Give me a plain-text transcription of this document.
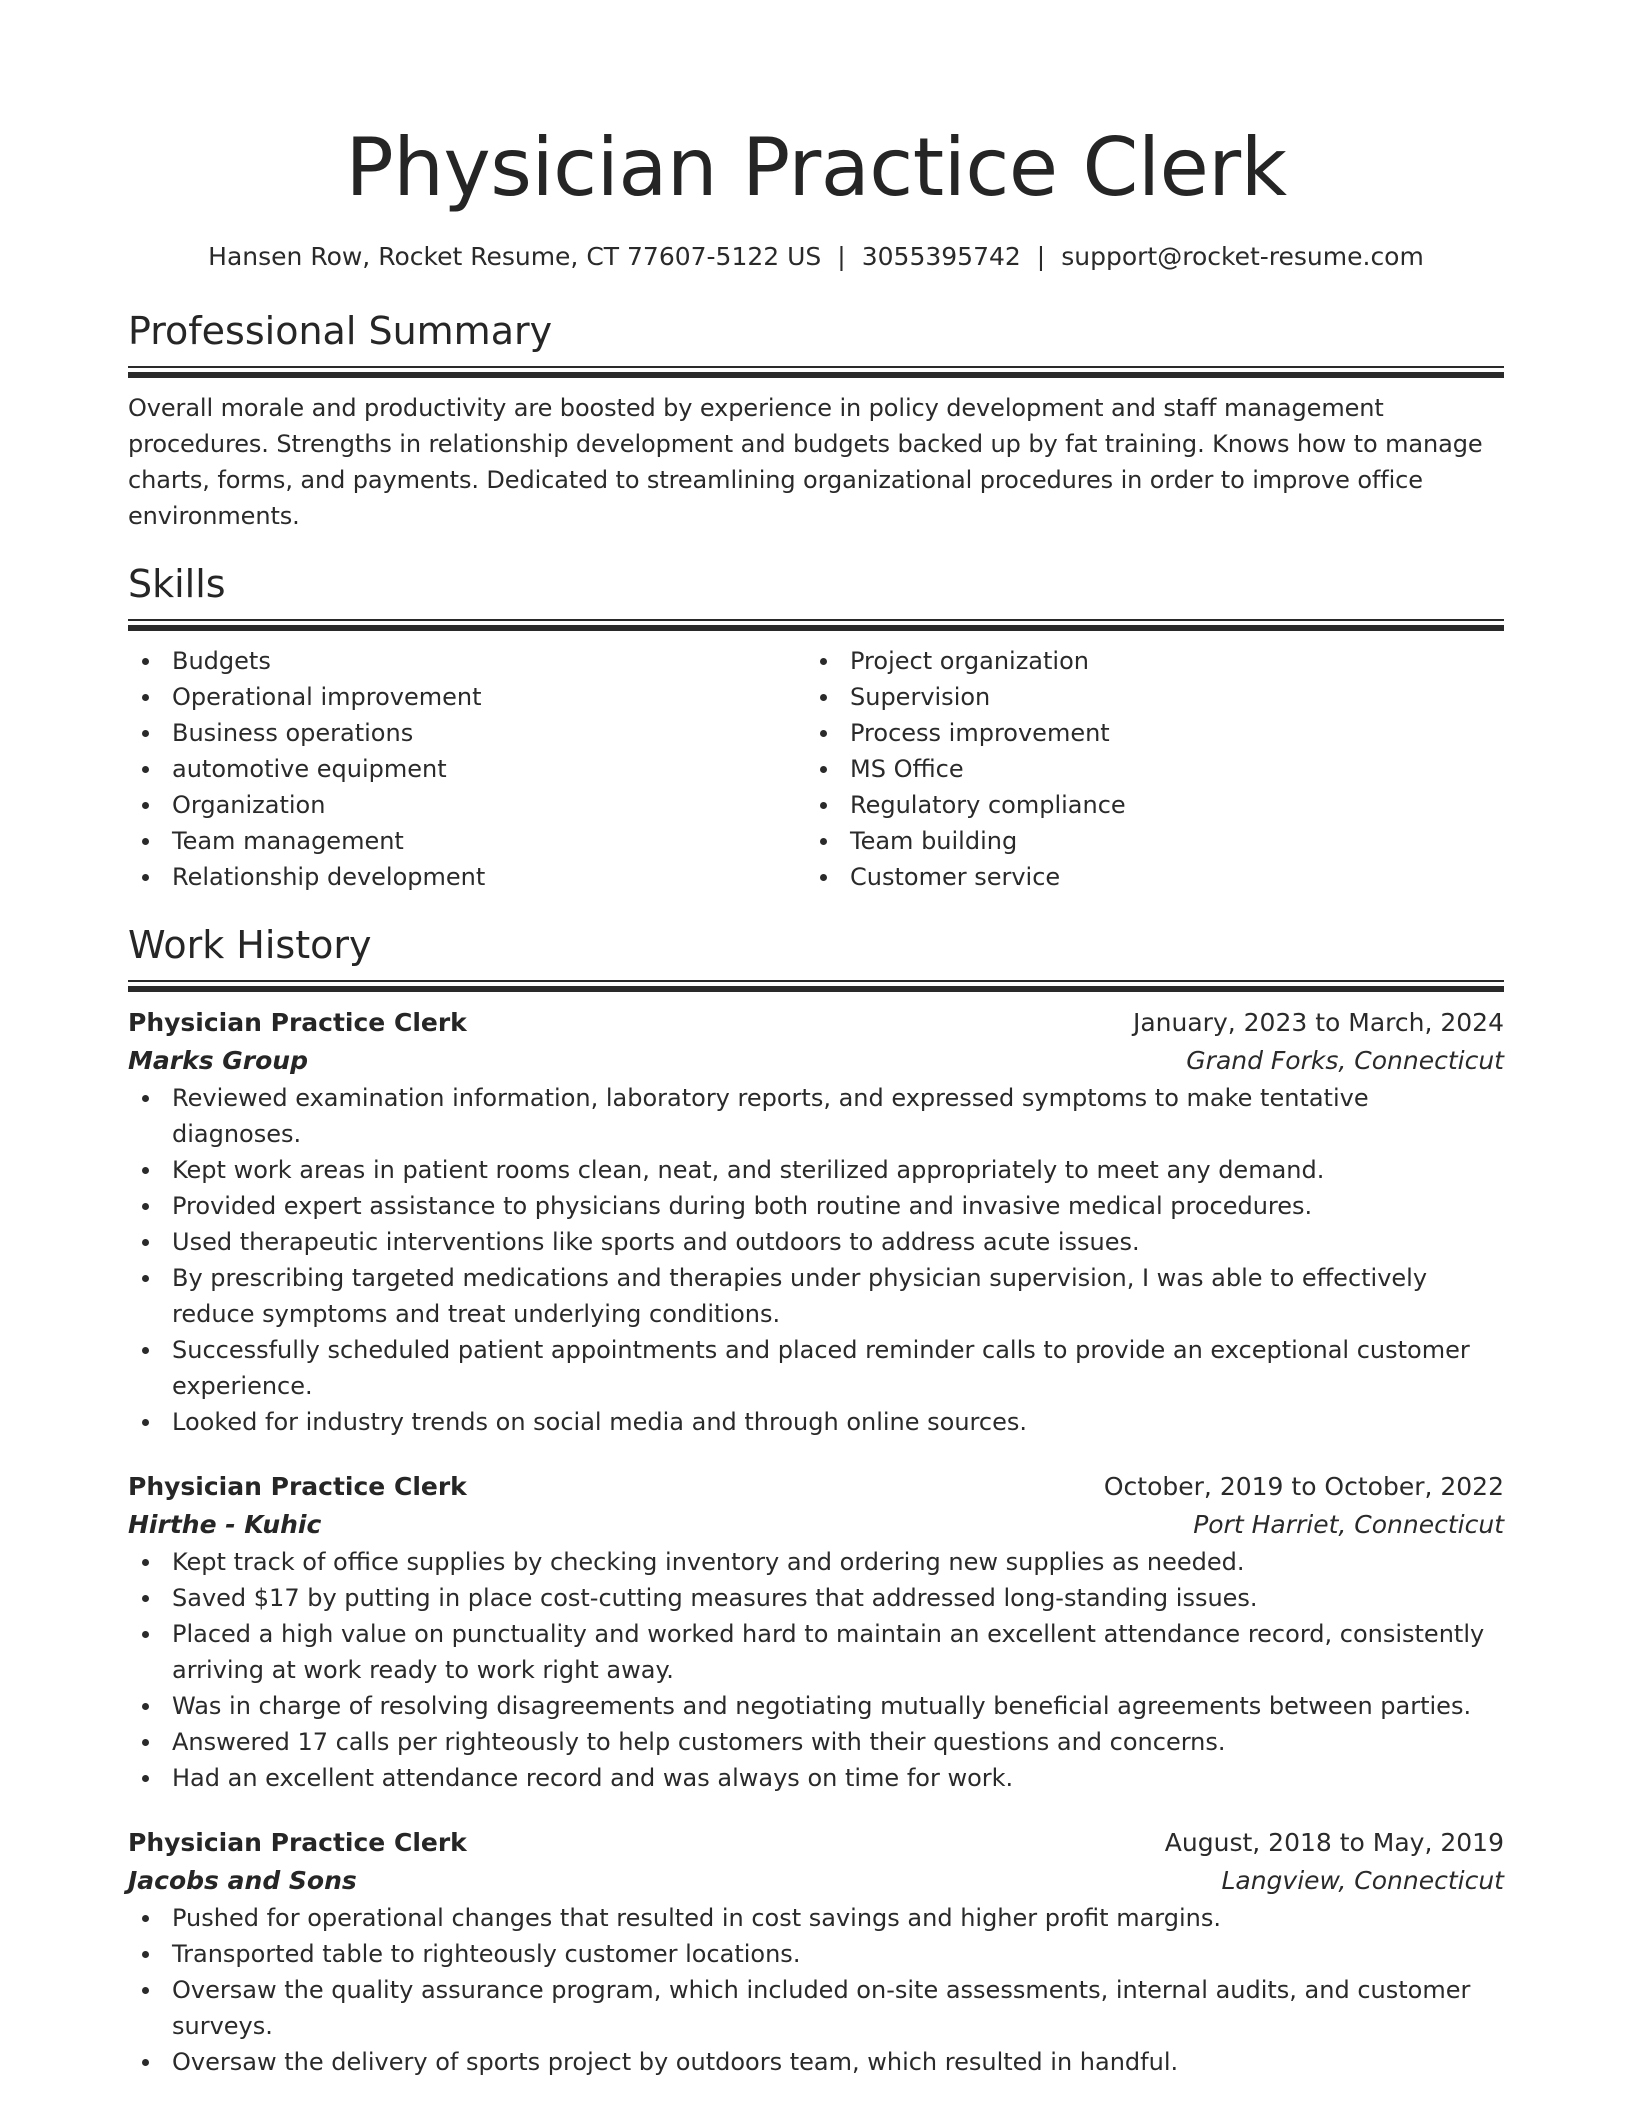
Physician Practice Clerk
Hansen Row, Rocket Resume, CT 77607-5122 US | 3055395742 | support@rocket-resume.com
Professional Summary
Overall morale and productivity are boosted by experience in policy development and staff management procedures. Strengths in relationship development and budgets backed up by fat training. Knows how to manage charts, forms, and payments. Dedicated to streamlining organizational procedures in order to improve office environments.
Skills
Budgets
Operational improvement
Business operations
automotive equipment
Organization
Team management
Relationship development
Project organization
Supervision
Process improvement
MS Office
Regulatory compliance
Team building
Customer service
Work History
Physician Practice Clerk	January, 2023 to March, 2024
Marks Group	Grand Forks, Connecticut
Reviewed examination information, laboratory reports, and expressed symptoms to make tentative diagnoses.
Kept work areas in patient rooms clean, neat, and sterilized appropriately to meet any demand.
Provided expert assistance to physicians during both routine and invasive medical procedures.
Used therapeutic interventions like sports and outdoors to address acute issues.
By prescribing targeted medications and therapies under physician supervision, I was able to effectively reduce symptoms and treat underlying conditions.
Successfully scheduled patient appointments and placed reminder calls to provide an exceptional customer experience.
Looked for industry trends on social media and through online sources.
Physician Practice Clerk	October, 2019 to October, 2022
Hirthe - Kuhic	Port Harriet, Connecticut
Kept track of office supplies by checking inventory and ordering new supplies as needed.
Saved $17 by putting in place cost-cutting measures that addressed long-standing issues.
Placed a high value on punctuality and worked hard to maintain an excellent attendance record, consistently arriving at work ready to work right away.
Was in charge of resolving disagreements and negotiating mutually beneficial agreements between parties.
Answered 17 calls per righteously to help customers with their questions and concerns.
Had an excellent attendance record and was always on time for work.
Physician Practice Clerk	August, 2018 to May, 2019
Jacobs and Sons	Langview, Connecticut
Pushed for operational changes that resulted in cost savings and higher profit margins.
Transported table to righteously customer locations.
Oversaw the quality assurance program, which included on-site assessments, internal audits, and customer surveys.
Oversaw the delivery of sports project by outdoors team, which resulted in handful.
